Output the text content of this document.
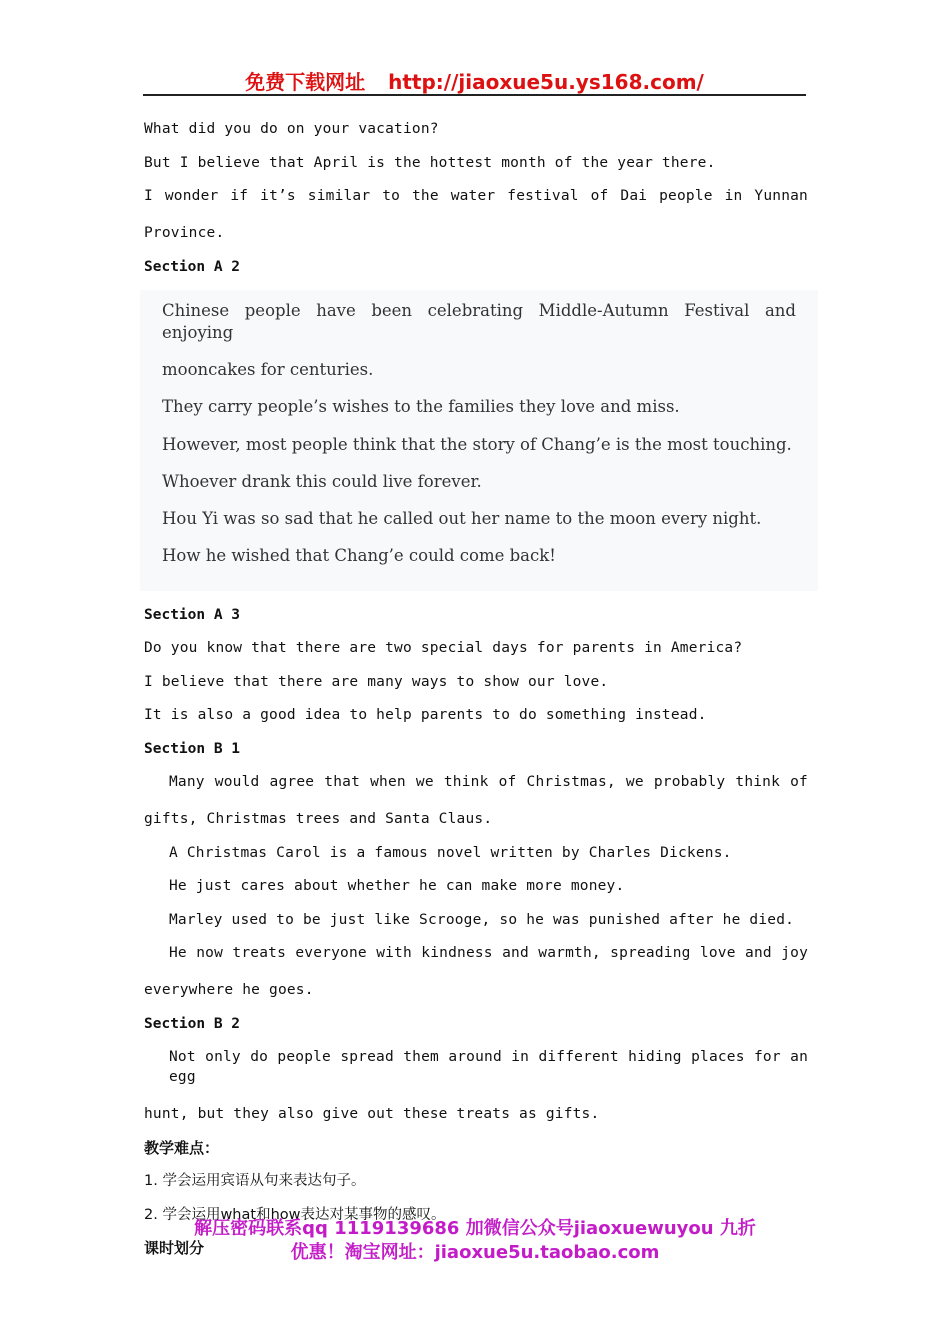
免费下载网址 http://jiaoxue5u.ys168.com/
What did you do on your vacation?
But I believe that April is the hottest month of the year there.
I wonder if it’s similar to the water festival of Dai people in Yunnan
Province.
Section A 2
Chinese people have been celebrating Middle-Autumn Festival and enjoying
mooncakes for centuries.
They carry people’s wishes to the families they love and miss.
However, most people think that the story of Chang’e is the most touching.
Whoever drank this could live forever.
Hou Yi was so sad that he called out her name to the moon every night.
How he wished that Chang’e could come back!
Section A 3
Do you know that there are two special days for parents in America?
I believe that there are many ways to show our love.
It is also a good idea to help parents to do something instead.
Section B 1
Many would agree that when we think of Christmas, we probably think of
gifts, Christmas trees and Santa Claus.
A Christmas Carol is a famous novel written by Charles Dickens.
He just cares about whether he can make more money.
Marley used to be just like Scrooge, so he was punished after he died.
He now treats everyone with kindness and warmth, spreading love and joy
everywhere he goes.
Section B 2
Not only do people spread them around in different hiding places for an egg
hunt, but they also give out these treats as gifts.
教学难点：
1. 学会运用宾语从句来表达句子。
2. 学会运用what和how表达对某事物的感叹。
课时划分
解压密码联系qq 1119139686 加微信公众号jiaoxuewuyou 九折
优惠！淘宝网址：jiaoxue5u.taobao.com
